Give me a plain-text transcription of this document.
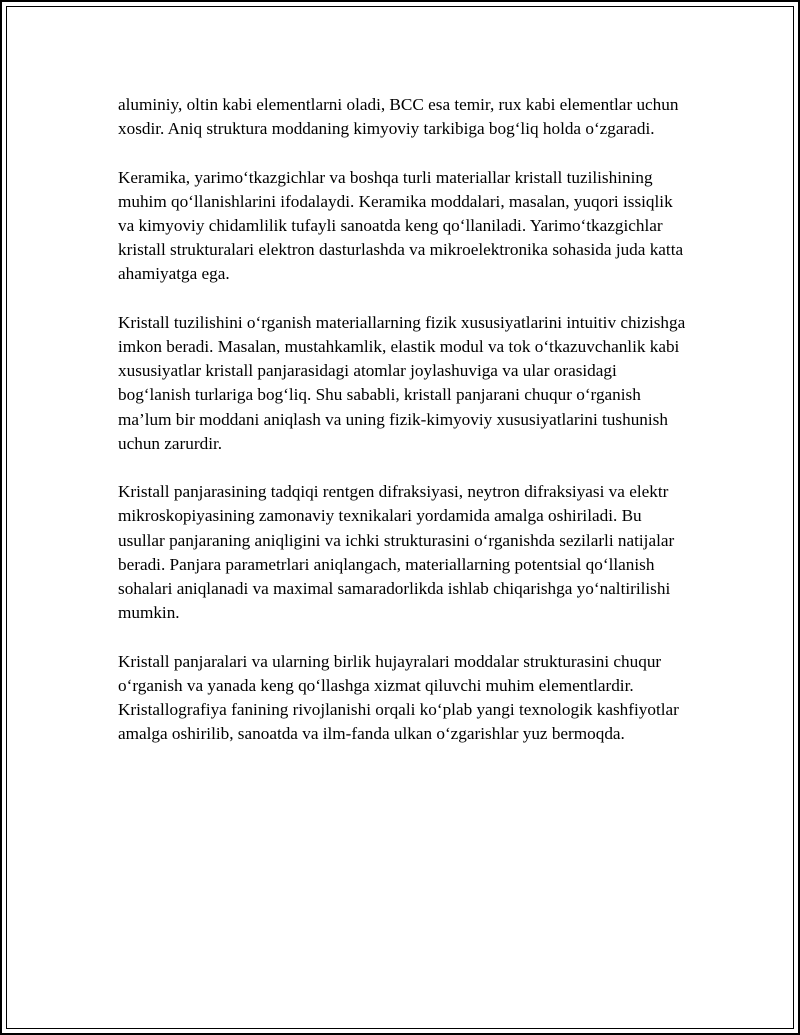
aluminiy, oltin kabi elementlarni oladi, BCC esa temir, rux kabi elementlar uchun xosdir. Aniq struktura moddaning kimyoviy tarkibiga bog‘liq holda o‘zgaradi.

Keramika, yarimo‘tkazgichlar va boshqa turli materiallar kristall tuzilishining muhim qo‘llanishlarini ifodalaydi. Keramika moddalari, masalan, yuqori issiqlik va kimyoviy chidamlilik tufayli sanoatda keng qo‘llaniladi. Yarimo‘tkazgichlar kristall strukturalari elektron dasturlashda va mikroelektronika sohasida juda katta ahamiyatga ega.

Kristall tuzilishini o‘rganish materiallarning fizik xususiyatlarini intuitiv chizishga imkon beradi. Masalan, mustahkamlik, elastik modul va tok o‘tkazuvchanlik kabi xususiyatlar kristall panjarasidagi atomlar joylashuviga va ular orasidagi bog‘lanish turlariga bog‘liq. Shu sababli, kristall panjarani chuqur o‘rganish ma’lum bir moddani aniqlash va uning fizik-kimyoviy xususiyatlarini tushunish uchun zarurdir.

Kristall panjarasining tadqiqi rentgen difraksiyasi, neytron difraksiyasi va elektr mikroskopiyasining zamonaviy texnikalari yordamida amalga oshiriladi. Bu usullar panjaraning aniqligini va ichki strukturasini o‘rganishda sezilarli natijalar beradi. Panjara parametrlari aniqlangach, materiallarning potentsial qo‘llanish sohalari aniqlanadi va maximal samaradorlikda ishlab chiqarishga yo‘naltirilishi mumkin.

Kristall panjaralari va ularning birlik hujayralari moddalar strukturasini chuqur o‘rganish va yanada keng qo‘llashga xizmat qiluvchi muhim elementlardir. Kristallografiya fanining rivojlanishi orqali ko‘plab yangi texnologik kashfiyotlar amalga oshirilib, sanoatda va ilm-fanda ulkan o‘zgarishlar yuz bermoqda.
